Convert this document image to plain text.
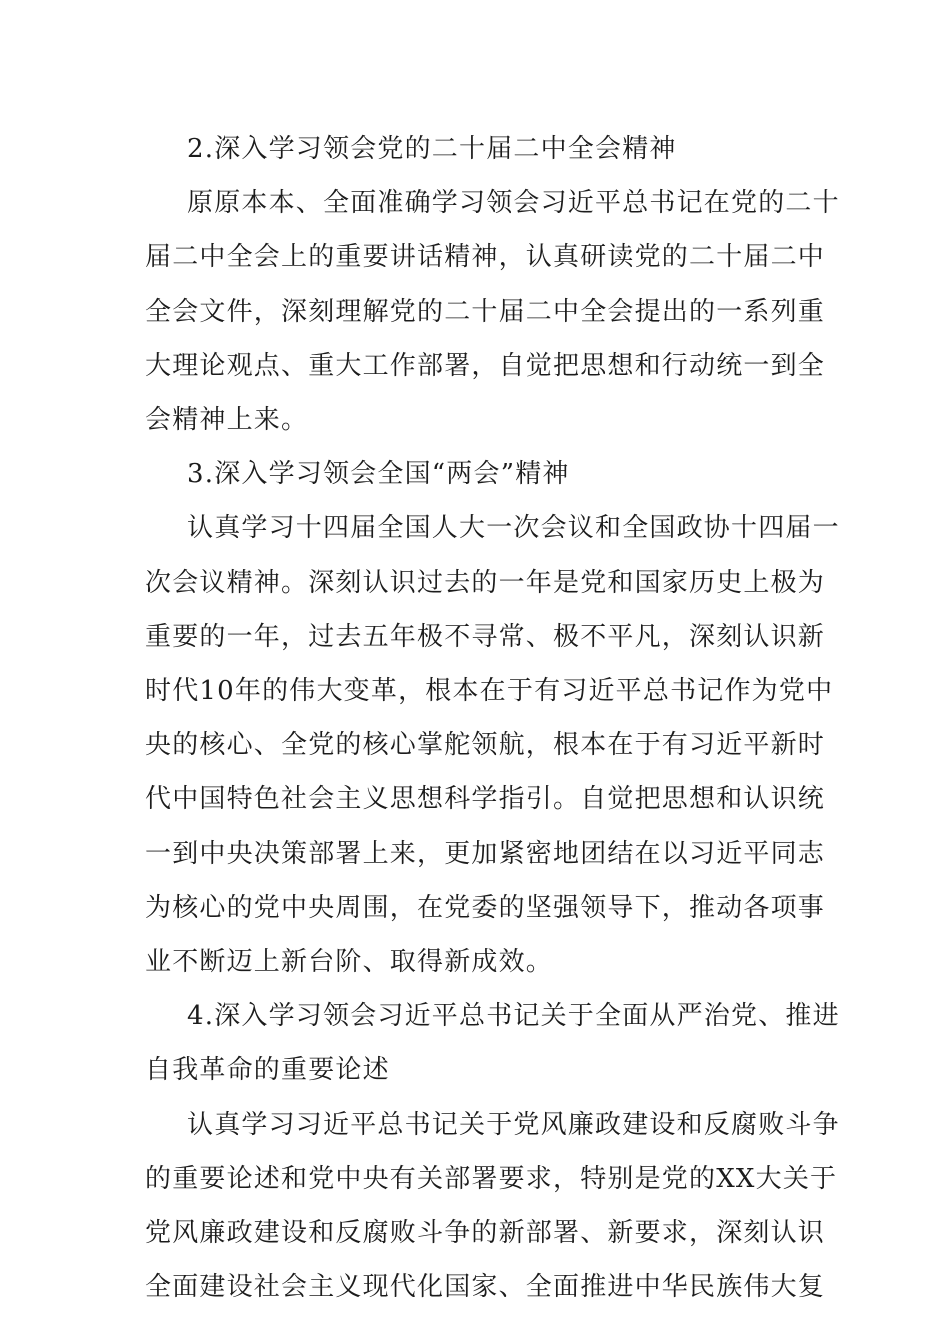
2.深入学习领会党的二十届二中全会精神
原原本本、全面准确学习领会习近平总书记在党的二十
届二中全会上的重要讲话精神，认真研读党的二十届二中
全会文件，深刻理解党的二十届二中全会提出的一系列重
大理论观点、重大工作部署，自觉把思想和行动统一到全
会精神上来。
3.深入学习领会全国“两会”精神
认真学习十四届全国人大一次会议和全国政协十四届一
次会议精神。深刻认识过去的一年是党和国家历史上极为
重要的一年，过去五年极不寻常、极不平凡，深刻认识新
时代10年的伟大变革，根本在于有习近平总书记作为党中
央的核心、全党的核心掌舵领航，根本在于有习近平新时
代中国特色社会主义思想科学指引。自觉把思想和认识统
一到中央决策部署上来，更加紧密地团结在以习近平同志
为核心的党中央周围，在党委的坚强领导下，推动各项事
业不断迈上新台阶、取得新成效。
4.深入学习领会习近平总书记关于全面从严治党、推进
自我革命的重要论述
认真学习习近平总书记关于党风廉政建设和反腐败斗争
的重要论述和党中央有关部署要求，特别是党的XX大关于
党风廉政建设和反腐败斗争的新部署、新要求，深刻认识
全面建设社会主义现代化国家、全面推进中华民族伟大复
